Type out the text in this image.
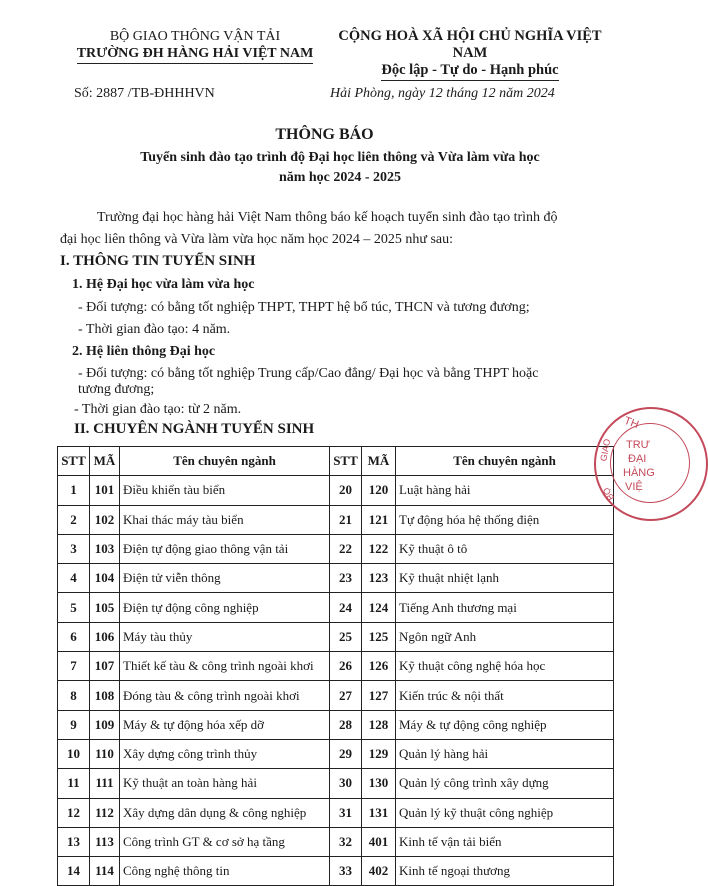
BỘ GIAO THÔNG VẬN TẢI
TRƯỜNG ĐH HÀNG HẢI VIỆT NAM
CỘNG HOÀ XÃ HỘI CHỦ NGHĨA VIỆT NAM
Độc lập - Tự do - Hạnh phúc
Số: 2887 /TB-ĐHHHVN	Hải Phòng, ngày 12 tháng 12 năm 2024
THÔNG BÁO
Tuyển sinh đào tạo trình độ Đại học liên thông và Vừa làm vừa học
năm học 2024 - 2025
Trường đại học hàng hải Việt Nam thông báo kế hoạch tuyển sinh đào tạo trình độ
đại học liên thông và Vừa làm vừa học năm học 2024 – 2025 như sau:
I. THÔNG TIN TUYỂN SINH
1. Hệ Đại học vừa làm vừa học
- Đối tượng: có bằng tốt nghiệp THPT, THPT hệ bổ túc, THCN và tương đương;
- Thời gian đào tạo: 4 năm.
2. Hệ liên thông Đại học
- Đối tượng: có bằng tốt nghiệp Trung cấp/Cao đẳng/ Đại học và bằng THPT hoặc
tương đương;
- Thời gian đào tạo: từ 2 năm.
II. CHUYÊN NGÀNH TUYỂN SINH
STT	MÃ	Tên chuyên ngành	STT	MÃ	Tên chuyên ngành
1	101	Điều khiển tàu biển	20	120	Luật hàng hải
2	102	Khai thác máy tàu biển	21	121	Tự động hóa hệ thống điện
3	103	Điện tự động giao thông vận tải	22	122	Kỹ thuật ô tô
4	104	Điện tử viễn thông	23	123	Kỹ thuật nhiệt lạnh
5	105	Điện tự động công nghiệp	24	124	Tiếng Anh thương mại
6	106	Máy tàu thủy	25	125	Ngôn ngữ Anh
7	107	Thiết kế tàu & công trình ngoài khơi	26	126	Kỹ thuật công nghệ hóa học
8	108	Đóng tàu & công trình ngoài khơi	27	127	Kiến trúc & nội thất
9	109	Máy & tự động hóa xếp dỡ	28	128	Máy & tự động công nghiệp
10	110	Xây dựng công trình thủy	29	129	Quản lý hàng hải
11	111	Kỹ thuật an toàn hàng hải	30	130	Quản lý công trình xây dựng
12	112	Xây dựng dân dụng & công nghiệp	31	131	Quản lý kỹ thuật công nghiệp
13	113	Công trình GT & cơ sở hạ tầng	32	401	Kinh tế vận tải biển
14	114	Công nghệ thông tin	33	402	Kinh tế ngoại thương
TH
GIAO
BỘ
TRƯ
ĐẠI
HÀNG
VIỆ
